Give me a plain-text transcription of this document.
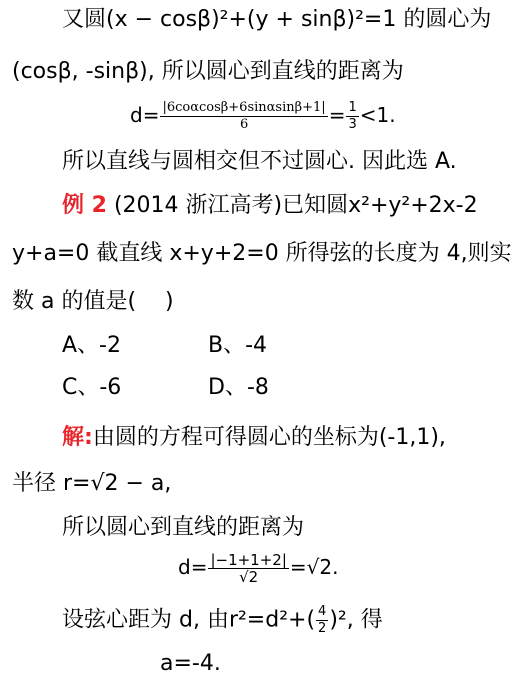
又圆(x − cosβ)²+(y + sinβ)²=1 的圆心为
(cosβ, -sinβ), 所以圆心到直线的距离为
$d= \frac{\text{|6coαcosβ+6sinαsinβ+1|}}{6} = \frac{1}{3} <1$.
所以直线与圆相交但不过圆心. 因此选 A.
例 2 (2014 浙江高考)已知圆x²+y²+2x-2
y+a=0 截直线 x+y+2=0 所得弦的长度为 4,则实
数 a 的值是(　 )
A、-2	B、-4
C、-6	D、-8
解:由圆的方程可得圆心的坐标为(-1,1),
半径 r=√2 − a,
所以圆心到直线的距离为
$d= \frac{|-1+1+2|}{√2} =√2$.
设弦心距为 d, 由$r^2=d^2+( \frac{4}{2} )^2$, 得
a=-4.
